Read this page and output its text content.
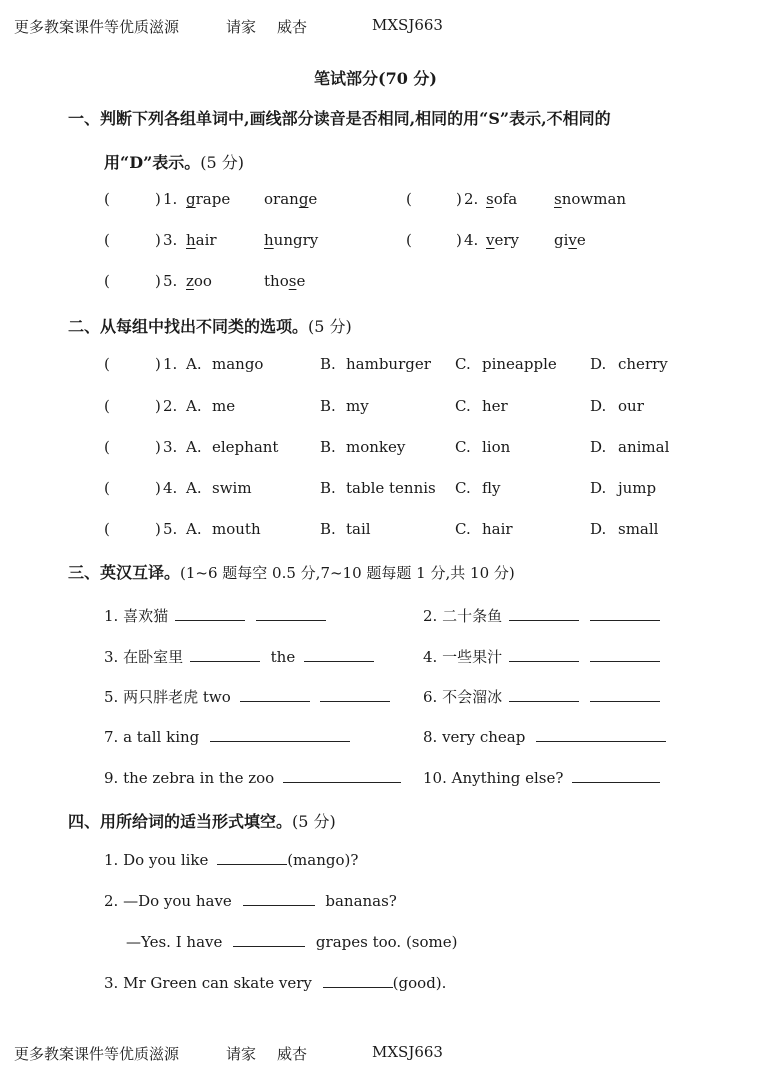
更多教案课件等优质滋源	请家 威杏	MXSJ663
笔试部分(70 分)
一、判断下列各组单词中,画线部分读音是否相同,相同的用“S”表示,不相同的
用“D”表示。(5 分)
(	) 1. grape orange	(	) 2. sofa snowman
(	) 3. hair	hungry	(	) 4. very give
(	) 5. zoo	those
二、从每组中找出不同类的选项。(5 分)
(	) 1. A. mango	B. hamburger C. pineapple D. cherry
(	) 2. A. me	B. my	C. her	D. our
(	) 3. A. elephant	B. monkey	C. lion	D. animal
(	) 4. A. swim	B. table tennis C. fly	D. jump
(	) 5. A. mouth	B. tail	C. hair	D. small
三、英汉互译。(1~6 题每空 0.5 分,7~10 题每题 1 分,共 10 分)
1. 喜欢猫	2. 二十条鱼
3. 在卧室里	the	4. 一些果汁
5. 两只胖老虎 two	6. 不会溜冰
7. a tall king	8. very cheap
9. the zebra in the zoo	10. Anything else?
四、用所给词的适当形式填空。(5 分)
1. Do you like	(mango)?
2. —Do you have	bananas?
—Yes. I have	grapes too. (some)
3. Mr Green can skate very	(good).
更多教案课件等优质滋源	请家 威杏	MXSJ663
